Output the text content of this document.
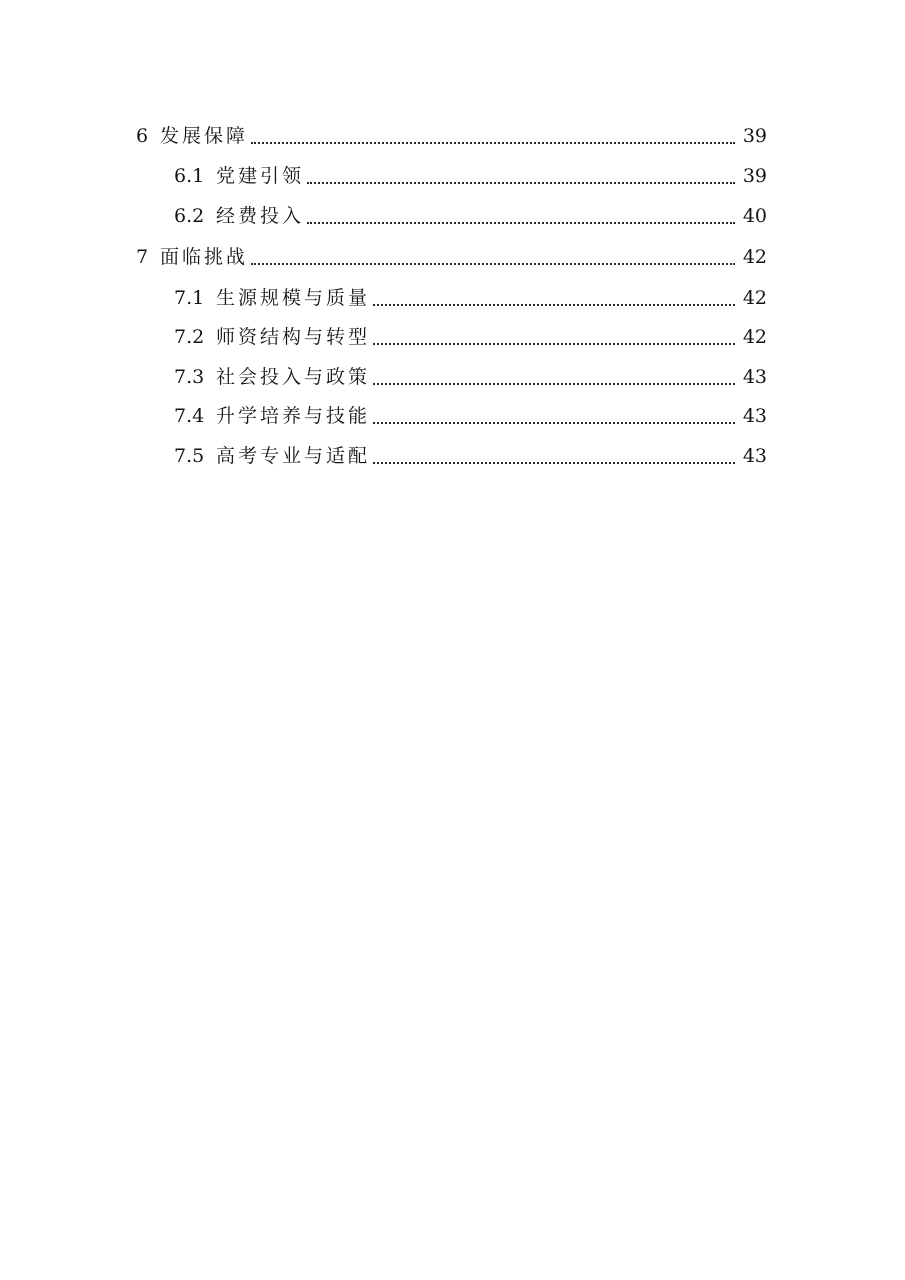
6 发展保障	39
6.1 党建引领	39
6.2 经费投入	40
7 面临挑战	42
7.1 生源规模与质量	42
7.2 师资结构与转型	42
7.3 社会投入与政策	43
7.4 升学培养与技能	43
7.5 高考专业与适配	43
